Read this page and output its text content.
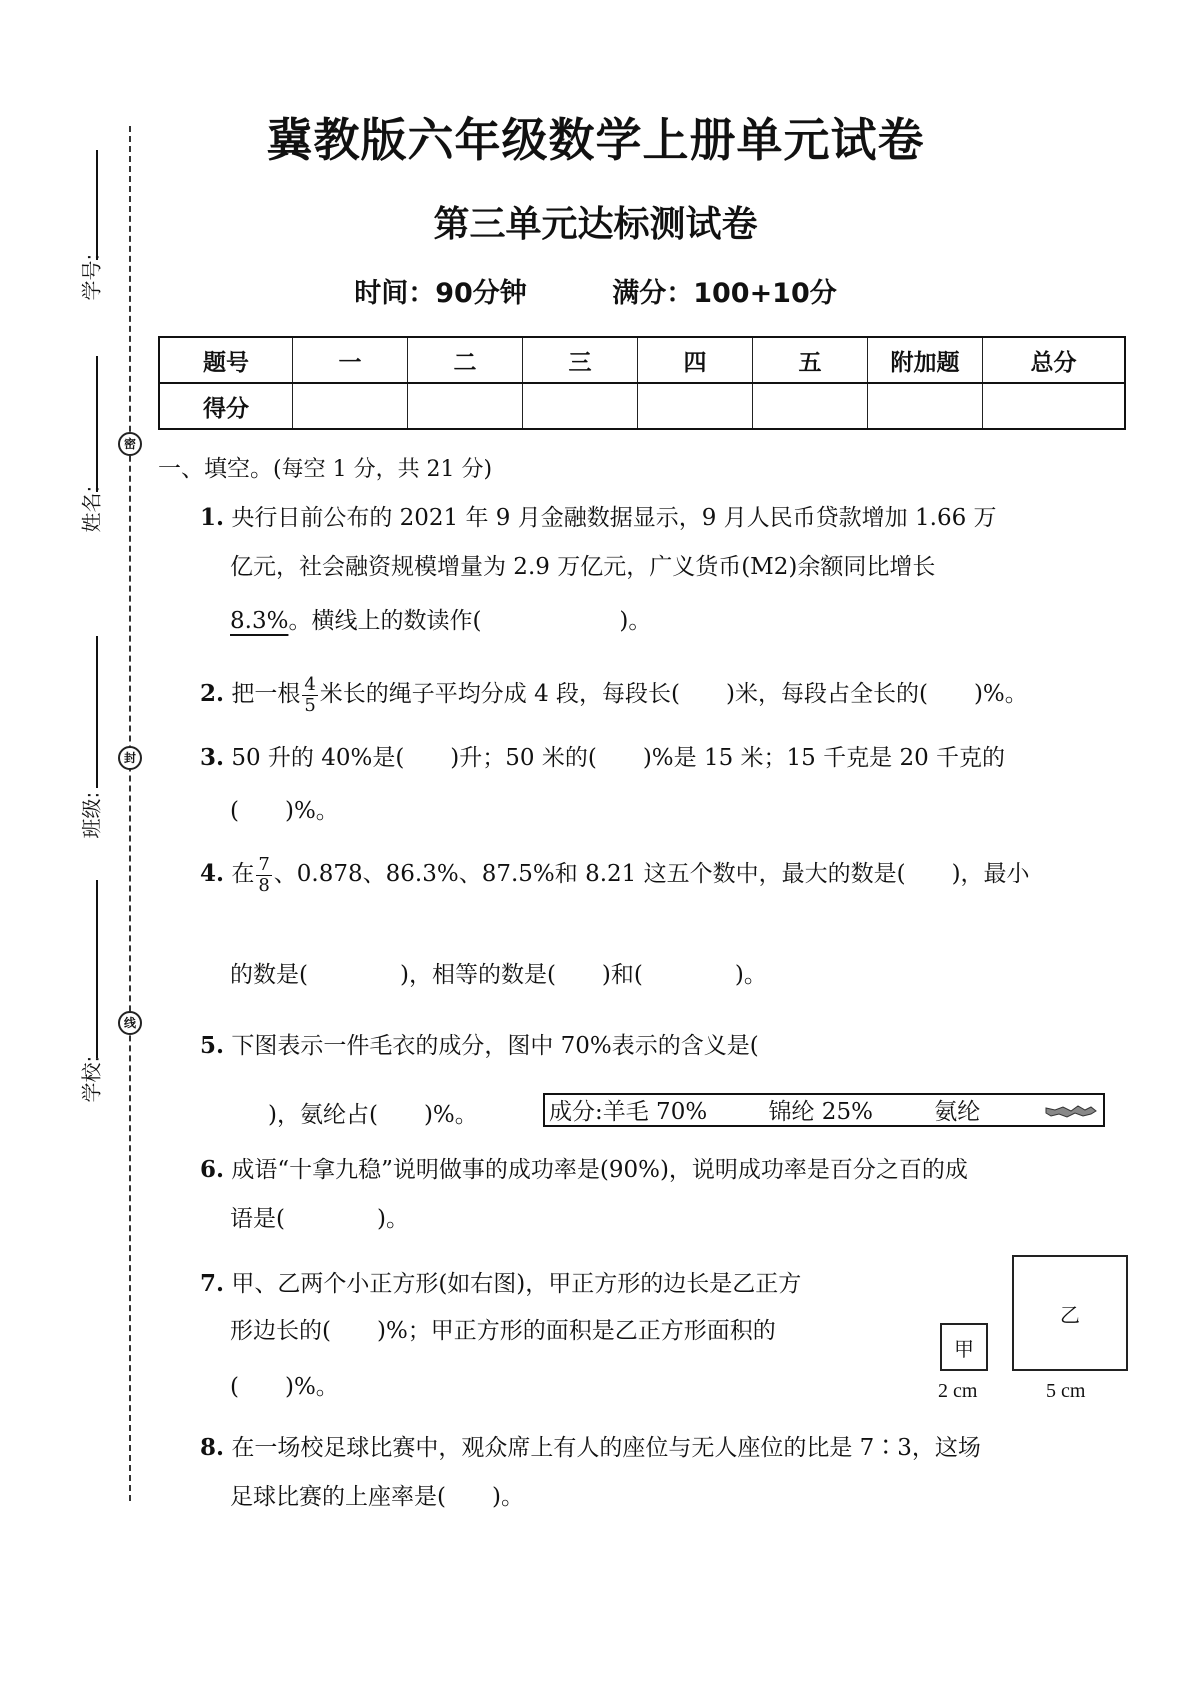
学号:
姓名:
班级:
学校:
密
封
线
冀教版六年级数学上册单元试卷
第三单元达标测试卷
时间：90分钟	满分：100+10分
题号	一	二	三	四	五	附加题	总分
得分							
一、填空。(每空 1 分，共 21 分)
1. 央行日前公布的 2021 年 9 月金融数据显示，9 月人民币贷款增加 1.66 万
亿元，社会融资规模增量为 2.9 万亿元，广义货币(M2)余额同比增长
8.3%。横线上的数读作(　　　　　　)。
2. 把一根 $\frac{4}{5}$ 米长的绳子平均分成 4 段，每段长(　　)米，每段占全长的(　　)%。
3. 50 升的 40%是(　　)升；50 米的(　　)%是 15 米；15 千克是 20 千克的
(　　)%。
4. 在 $\frac{7}{8}$ 、0.878、86.3%、87.5%和 8.21 这五个数中，最大的数是(　　)，最小
的数是(　　　　)，相等的数是(　　)和(　　　　)。
5. 下图表示一件毛衣的成分，图中 70%表示的含义是(
)，氨纶占(　　)%。	成分:羊毛 70%	锦纶 25%	氨纶
6. 成语“十拿九稳”说明做事的成功率是(90%)，说明成功率是百分之百的成
语是(　　　　)。
7. 甲、乙两个小正方形(如右图)，甲正方形的边长是乙正方
形边长的(　　)%；甲正方形的面积是乙正方形面积的
(　　)%。
甲
2 cm
乙
5 cm
8. 在一场校足球比赛中，观众席上有人的座位与无人座位的比是 7∶3，这场
足球比赛的上座率是(　　)。
